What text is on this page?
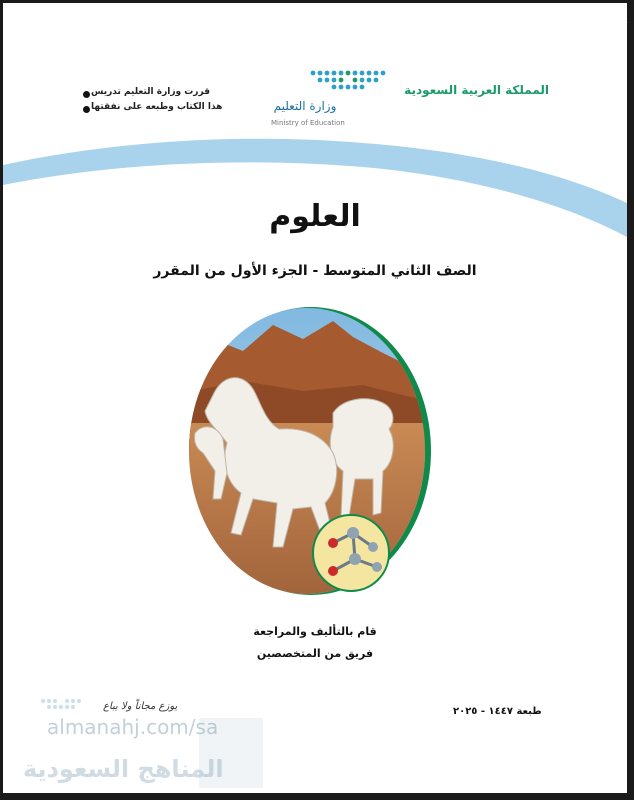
المملكة العربية السعودية
وزارة التعليم
Ministry of Education
قررت وزارة التعليم تدريس
هذا الكتاب وطبعه على نفقتها
العلوم
الصف الثاني المتوسط - الجزء الأول من المقرر
قام بالتأليف والمراجعة
فريق من المتخصصين
طبعة ١٤٤٧ - ٢٠٢٥
يوزع مجاناً ولا يباع
almanahj.com/sa
المناهج السعودية
